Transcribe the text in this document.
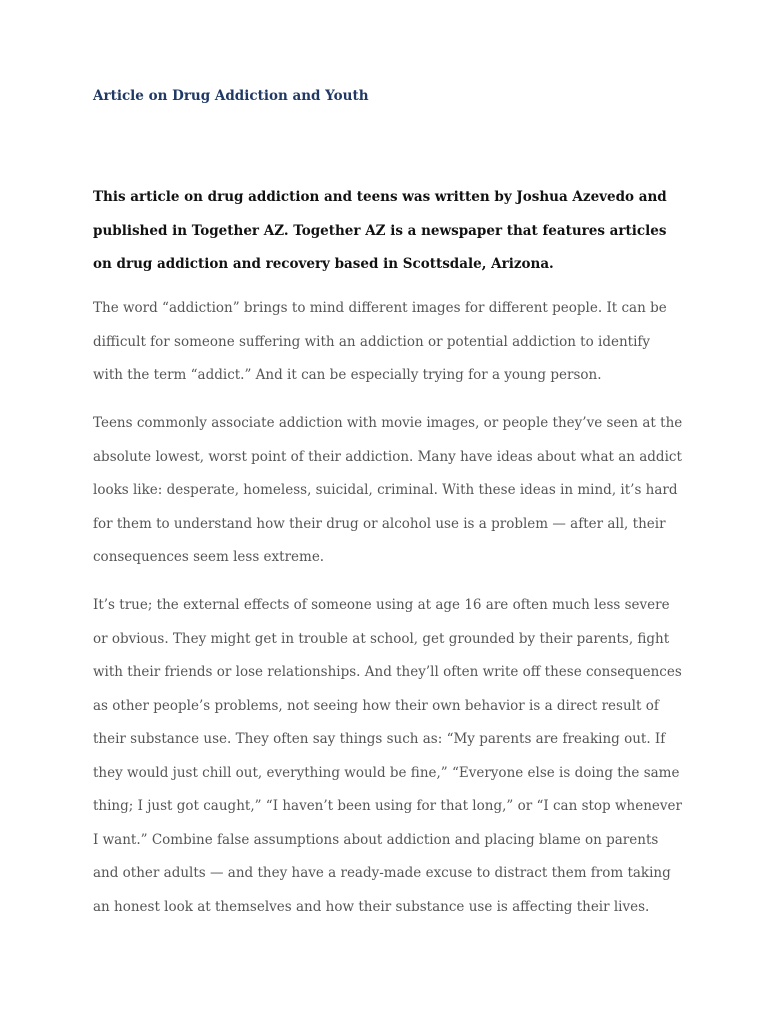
Article on Drug Addiction and Youth

This article on drug addiction and teens was written by Joshua Azevedo and published in Together AZ. Together AZ is a newspaper that features articles on drug addiction and recovery based in Scottsdale, Arizona.

The word “addiction” brings to mind different images for different people. It can be difficult for someone suffering with an addiction or potential addiction to identify with the term “addict.” And it can be especially trying for a young person.

Teens commonly associate addiction with movie images, or people they’ve seen at the absolute lowest, worst point of their addiction. Many have ideas about what an addict looks like: desperate, homeless, suicidal, criminal. With these ideas in mind, it’s hard for them to understand how their drug or alcohol use is a problem — after all, their consequences seem less extreme.

It’s true; the external effects of someone using at age 16 are often much less severe or obvious. They might get in trouble at school, get grounded by their parents, fight with their friends or lose relationships. And they’ll often write off these consequences as other people’s problems, not seeing how their own behavior is a direct result of their substance use. They often say things such as: “My parents are freaking out. If they would just chill out, everything would be fine,” “Everyone else is doing the same thing; I just got caught,” “I haven’t been using for that long,” or “I can stop whenever I want.” Combine false assumptions about addiction and placing blame on parents and other adults — and they have a ready-made excuse to distract them from taking an honest look at themselves and how their substance use is affecting their lives.
